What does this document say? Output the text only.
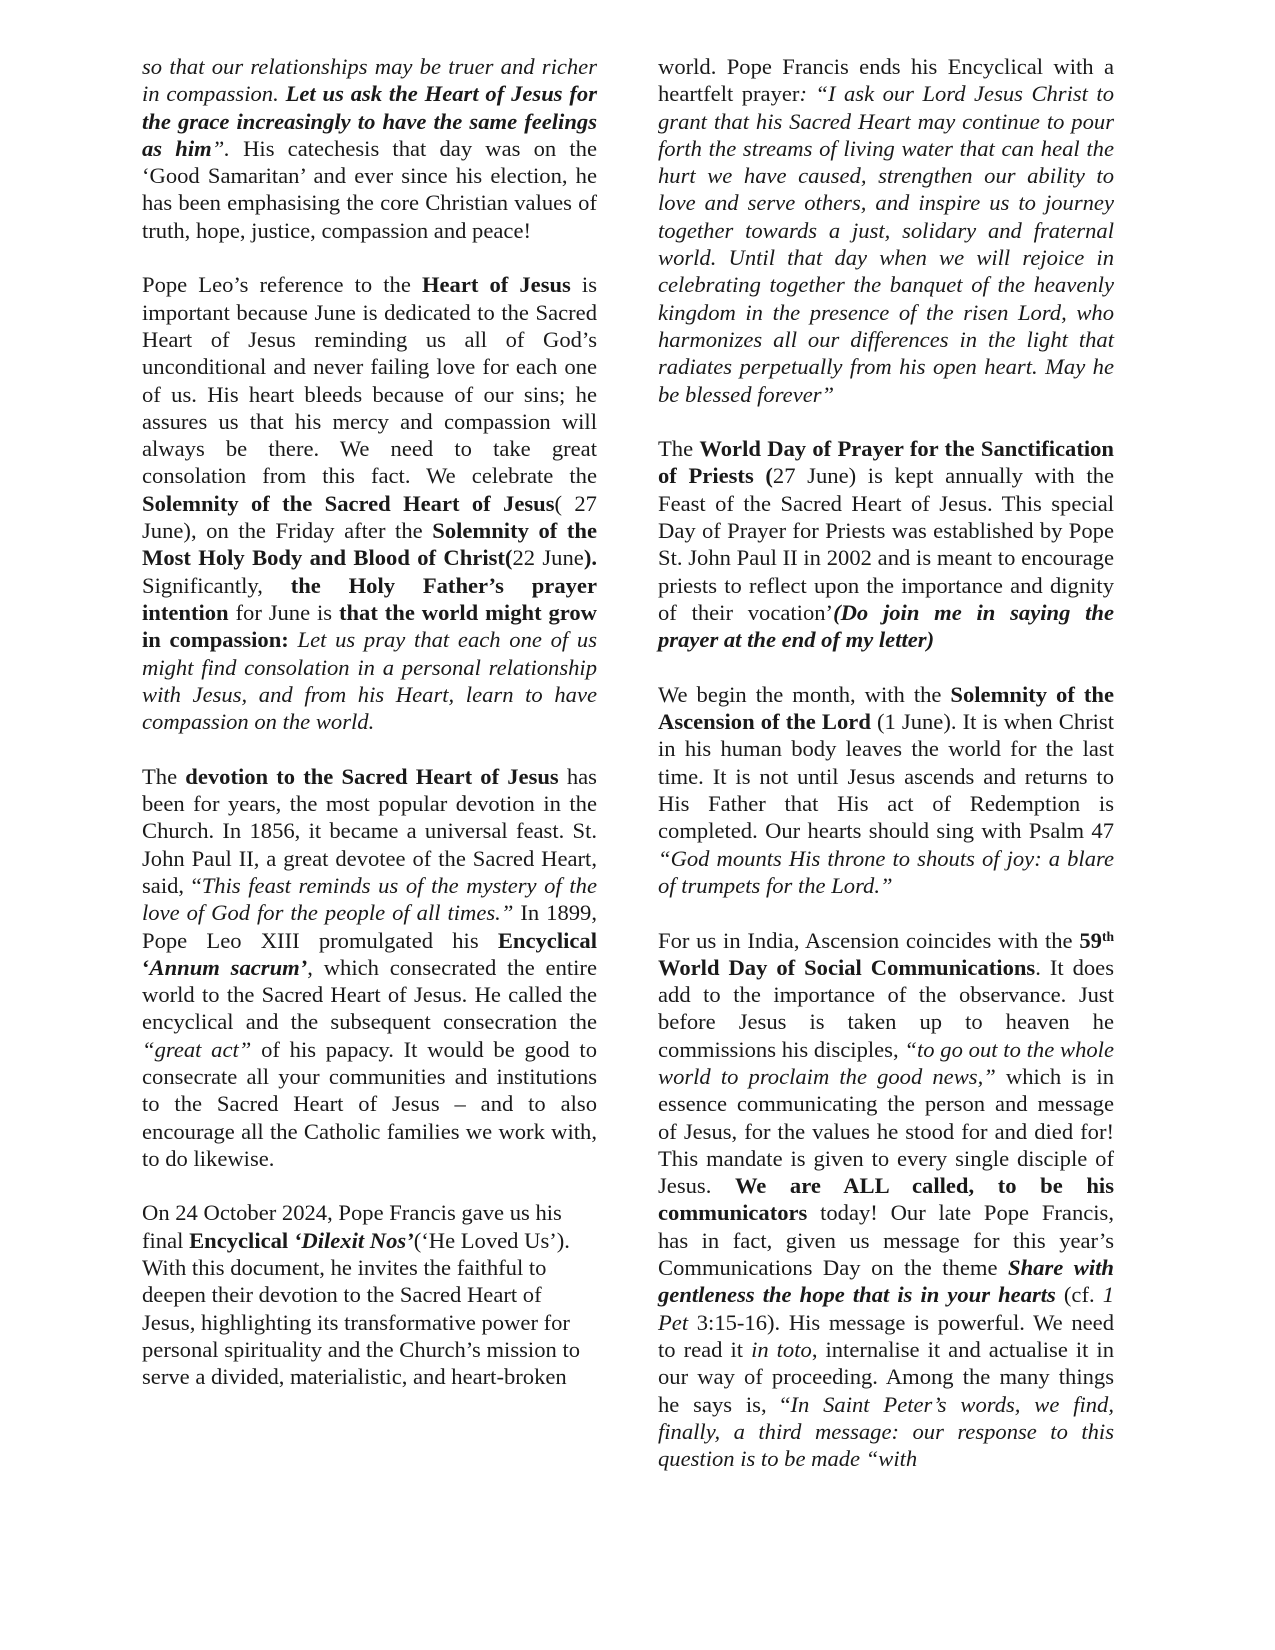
so that our relationships may be truer and richer in compassion. Let us ask the Heart of Jesus for the grace increasingly to have the same feelings as him”. His catechesis that day was on the ‘Good Samaritan’ and ever since his election, he has been emphasising the core Christian values of truth, hope, justice, compassion and peace!

Pope Leo’s reference to the Heart of Jesus is important because June is dedicated to the Sacred Heart of Jesus reminding us all of God’s unconditional and never failing love for each one of us. His heart bleeds because of our sins; he assures us that his mercy and compassion will always be there. We need to take great consolation from this fact. We celebrate the Solemnity of the Sacred Heart of Jesus( 27 June), on the Friday after the Solemnity of the Most Holy Body and Blood of Christ(22 June). Significantly, the Holy Father’s prayer intention for June is that the world might grow in compassion: Let us pray that each one of us might find consolation in a personal relationship with Jesus, and from his Heart, learn to have compassion on the world.

The devotion to the Sacred Heart of Jesus has been for years, the most popular devotion in the Church. In 1856, it became a universal feast. St. John Paul II, a great devotee of the Sacred Heart, said, “This feast reminds us of the mystery of the love of God for the people of all times.” In 1899, Pope Leo XIII promulgated his Encyclical ‘Annum sacrum’, which consecrated the entire world to the Sacred Heart of Jesus. He called the encyclical and the subsequent consecration the “great act” of his papacy. It would be good to consecrate all your communities and institutions to the Sacred Heart of Jesus – and to also encourage all the Catholic families we work with, to do likewise.

On 24 October 2024, Pope Francis gave us his final Encyclical ‘Dilexit Nos’(‘He Loved Us’). With this document, he invites the faithful to deepen their devotion to the Sacred Heart of Jesus, highlighting its transformative power for personal spirituality and the Church’s mission to serve a divided, materialistic, and heart-broken

world. Pope Francis ends his Encyclical with a heartfelt prayer: “I ask our Lord Jesus Christ to grant that his Sacred Heart may continue to pour forth the streams of living water that can heal the hurt we have caused, strengthen our ability to love and serve others, and inspire us to journey together towards a just, solidary and fraternal world. Until that day when we will rejoice in celebrating together the banquet of the heavenly kingdom in the presence of the risen Lord, who harmonizes all our differences in the light that radiates perpetually from his open heart. May he be blessed forever”

The World Day of Prayer for the Sanctification of Priests (27 June) is kept annually with the Feast of the Sacred Heart of Jesus. This special Day of Prayer for Priests was established by Pope St. John Paul II in 2002 and is meant to encourage priests to reflect upon the importance and dignity of their vocation’(Do join me in saying the prayer at the end of my letter)

We begin the month, with the Solemnity of the Ascension of the Lord (1 June). It is when Christ in his human body leaves the world for the last time. It is not until Jesus ascends and returns to His Father that His act of Redemption is completed. Our hearts should sing with Psalm 47 “God mounts His throne to shouts of joy: a blare of trumpets for the Lord.”

For us in India, Ascension coincides with the 59th World Day of Social Communications. It does add to the importance of the observance. Just before Jesus is taken up to heaven he commissions his disciples, “to go out to the whole world to proclaim the good news,” which is in essence communicating the person and message of Jesus, for the values he stood for and died for! This mandate is given to every single disciple of Jesus. We are ALL called, to be his communicators today! Our late Pope Francis, has in fact, given us message for this year’s Communications Day on the theme Share with gentleness the hope that is in your hearts (cf. 1 Pet 3:15-16). His message is powerful. We need to read it in toto, internalise it and actualise it in our way of proceeding. Among the many things he says is, “In Saint Peter’s words, we find, finally, a third message: our response to this question is to be made “with
